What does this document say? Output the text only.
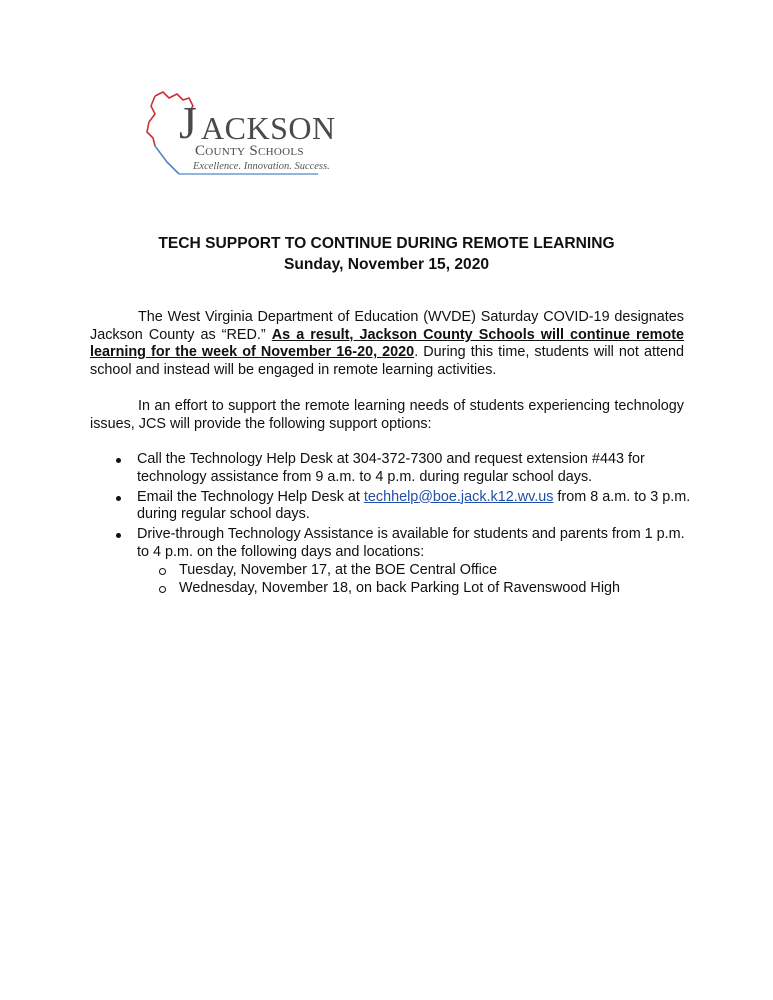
J ACKSON
County Schools
Excellence. Innovation. Success.
TECH SUPPORT TO CONTINUE DURING REMOTE LEARNING
Sunday, November 15, 2020

The West Virginia Department of Education (WVDE) Saturday COVID-19 designates Jackson County as “RED.” As a result, Jackson County Schools will continue remote learning for the week of November 16-20, 2020. During this time, students will not attend school and instead will be engaged in remote learning activities.

In an effort to support the remote learning needs of students experiencing technology issues, JCS will provide the following support options:

Call the Technology Help Desk at 304-372-7300 and request extension #443 for technology assistance from 9 a.m. to 4 p.m. during regular school days.
Email the Technology Help Desk at techhelp@boe.jack.k12.wv.us from 8 a.m. to 3 p.m. during regular school days.
Drive-through Technology Assistance is available for students and parents from 1 p.m. to 4 p.m. on the following days and locations:
Tuesday, November 17, at the BOE Central Office
Wednesday, November 18, on back Parking Lot of Ravenswood High
